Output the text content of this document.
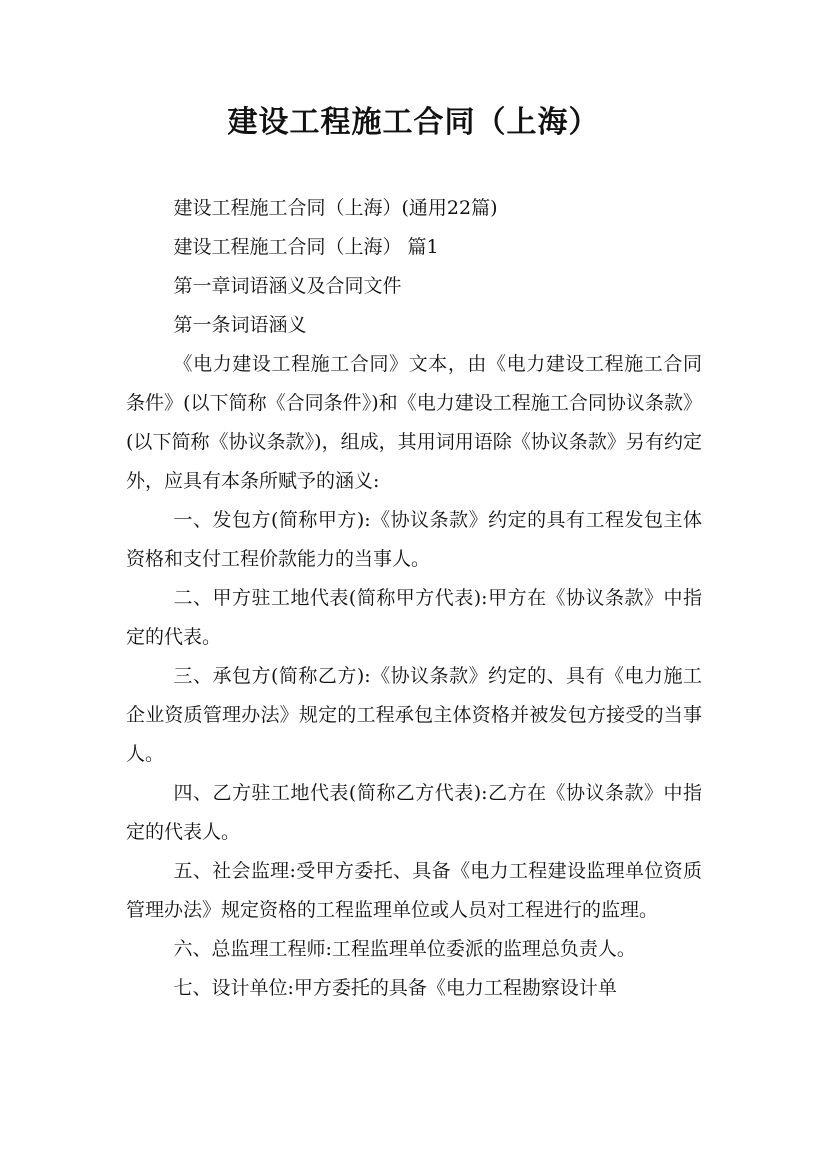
建设工程施工合同（上海）

建设工程施工合同（上海）(通用22篇)

建设工程施工合同（上海） 篇1

第一章词语涵义及合同文件

第一条词语涵义

《电力建设工程施工合同》文本，由《电力建设工程施工合同条件》(以下简称《合同条件》)和《电力建设工程施工合同协议条款》(以下简称《协议条款》)，组成，其用词用语除《协议条款》另有约定外，应具有本条所赋予的涵义:

一、发包方(简称甲方):《协议条款》约定的具有工程发包主体资格和支付工程价款能力的当事人。

二、甲方驻工地代表(简称甲方代表):甲方在《协议条款》中指定的代表。

三、承包方(简称乙方):《协议条款》约定的、具有《电力施工企业资质管理办法》规定的工程承包主体资格并被发包方接受的当事人。

四、乙方驻工地代表(简称乙方代表):乙方在《协议条款》中指定的代表人。

五、社会监理:受甲方委托、具备《电力工程建设监理单位资质管理办法》规定资格的工程监理单位或人员对工程进行的监理。

六、总监理工程师:工程监理单位委派的监理总负责人。

七、设计单位:甲方委托的具备《电力工程勘察设计单
